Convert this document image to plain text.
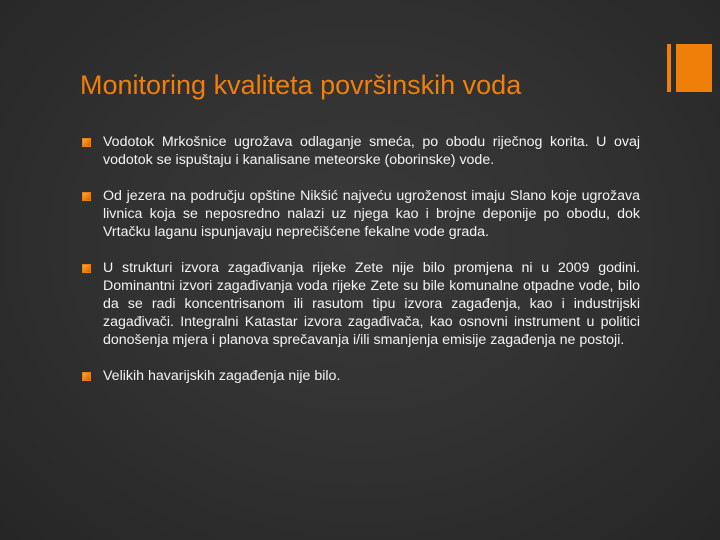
Monitoring kvaliteta površinskih voda
Vodotok Mrkošnice ugrožava odlaganje smeća, po obodu riječnog korita. U ovaj vodotok se ispuštaju i kanalisane meteorske (oborinske) vode.
Od jezera na području opštine Nikšić najveću ugroženost imaju Slano koje ugrožava livnica koja se neposredno nalazi uz njega kao i brojne deponije po obodu, dok Vrtačku laganu ispunjavaju neprečišćene fekalne vode grada.
U strukturi izvora zagađivanja rijeke Zete nije bilo promjena ni u 2009 godini. Dominantni izvori zagađivanja voda rijeke Zete su bile komunalne otpadne vode, bilo da se radi koncentrisanom ili rasutom tipu izvora zagađenja, kao i industrijski zagađivači. Integralni Katastar izvora zagađivača, kao osnovni instrument u politici donošenja mjera i planova sprečavanja i/ili smanjenja emisije zagađenja ne postoji.
Velikih havarijskih zagađenja nije bilo.
